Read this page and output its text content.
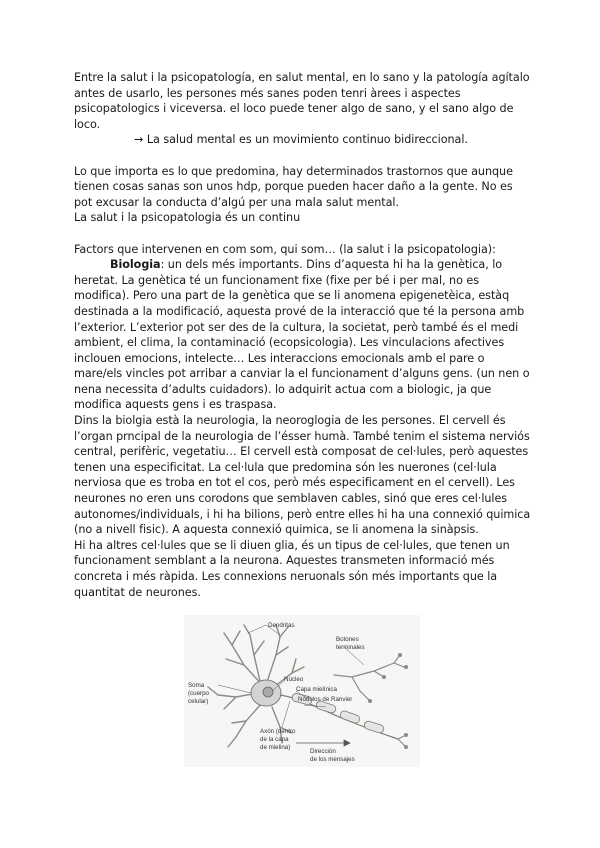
Entre la salut i la psicopatología, en salut mental, en lo sano y la patología agítalo antes de usarlo, les persones més sanes poden tenri àrees i aspectes psicopatologics i viceversa. el loco puede tener algo de sano, y el sano algo de loco.

→ La salud mental es un movimiento continuo bidireccional.

Lo que importa es lo que predomina, hay determinados trastornos que aunque tienen cosas sanas son unos hdp, porque pueden hacer daño a la gente. No es pot excusar la conducta d’algú per una mala salut mental.

La salut i la psicopatologia és un continu

Factors que intervenen en com som, qui som… (la salut i la psicopatologia):

Biologia: un dels més importants. Dins d’aquesta hi ha la genètica, lo heretat. La genètica té un funcionament fixe (fixe per bé i per mal, no es modifica). Pero una part de la genètica que se li anomena epigenetèica, estàq destinada a la modificació, aquesta prové de la interacció que té la persona amb l’exterior. L’exterior pot ser des de la cultura, la societat, però també és el medi ambient, el clima, la contaminació (ecopsicologia). Les vinculacions afectives inclouen emocions, intelecte… Les interaccions emocionals amb el pare o mare/els vincles pot arribar a canviar la el funcionament d’alguns gens. (un nen o nena necessita d’adults cuidadors). lo adquirit actua com a biologic, ja que modifica aquests gens i es traspasa.

Dins la biolgia està la neurologia, la neoroglogia de les persones. El cervell és l’organ prncipal de la neurologia de l’ésser humà. També tenim el sistema nerviós central, perifèric, vegetatiu… El cervell està composat de cel·lules, però aquestes tenen una especificitat. La cel·lula que predomina són les nuerones (cel·lula nerviosa que es troba en tot el cos, però més especificament en el cervell). Les neurones no eren uns corodons que semblaven cables, sinó que eres cel·lules autonomes/individuals, i hi ha bilions, però entre elles hi ha una connexió quimica (no a nivell fisic). A aquesta connexió quimica, se li anomena la sinàpsis.

Hi ha altres cel·lules que se li diuen glia, és un tipus de cel·lules, que tenen un funcionament semblant a la neurona. Aquestes transmeten informació més concreta i més ràpida. Les connexions neruonals són més importants que la quantitat de neurones.

Dendritas
Botones
terminales
Soma
(cuerpo
celular)
Núcleo
Capa mielínica
Nódulos de Ranvier
Axón (dentro
de la capa
de mielina)
Dirección
de los mensajes
